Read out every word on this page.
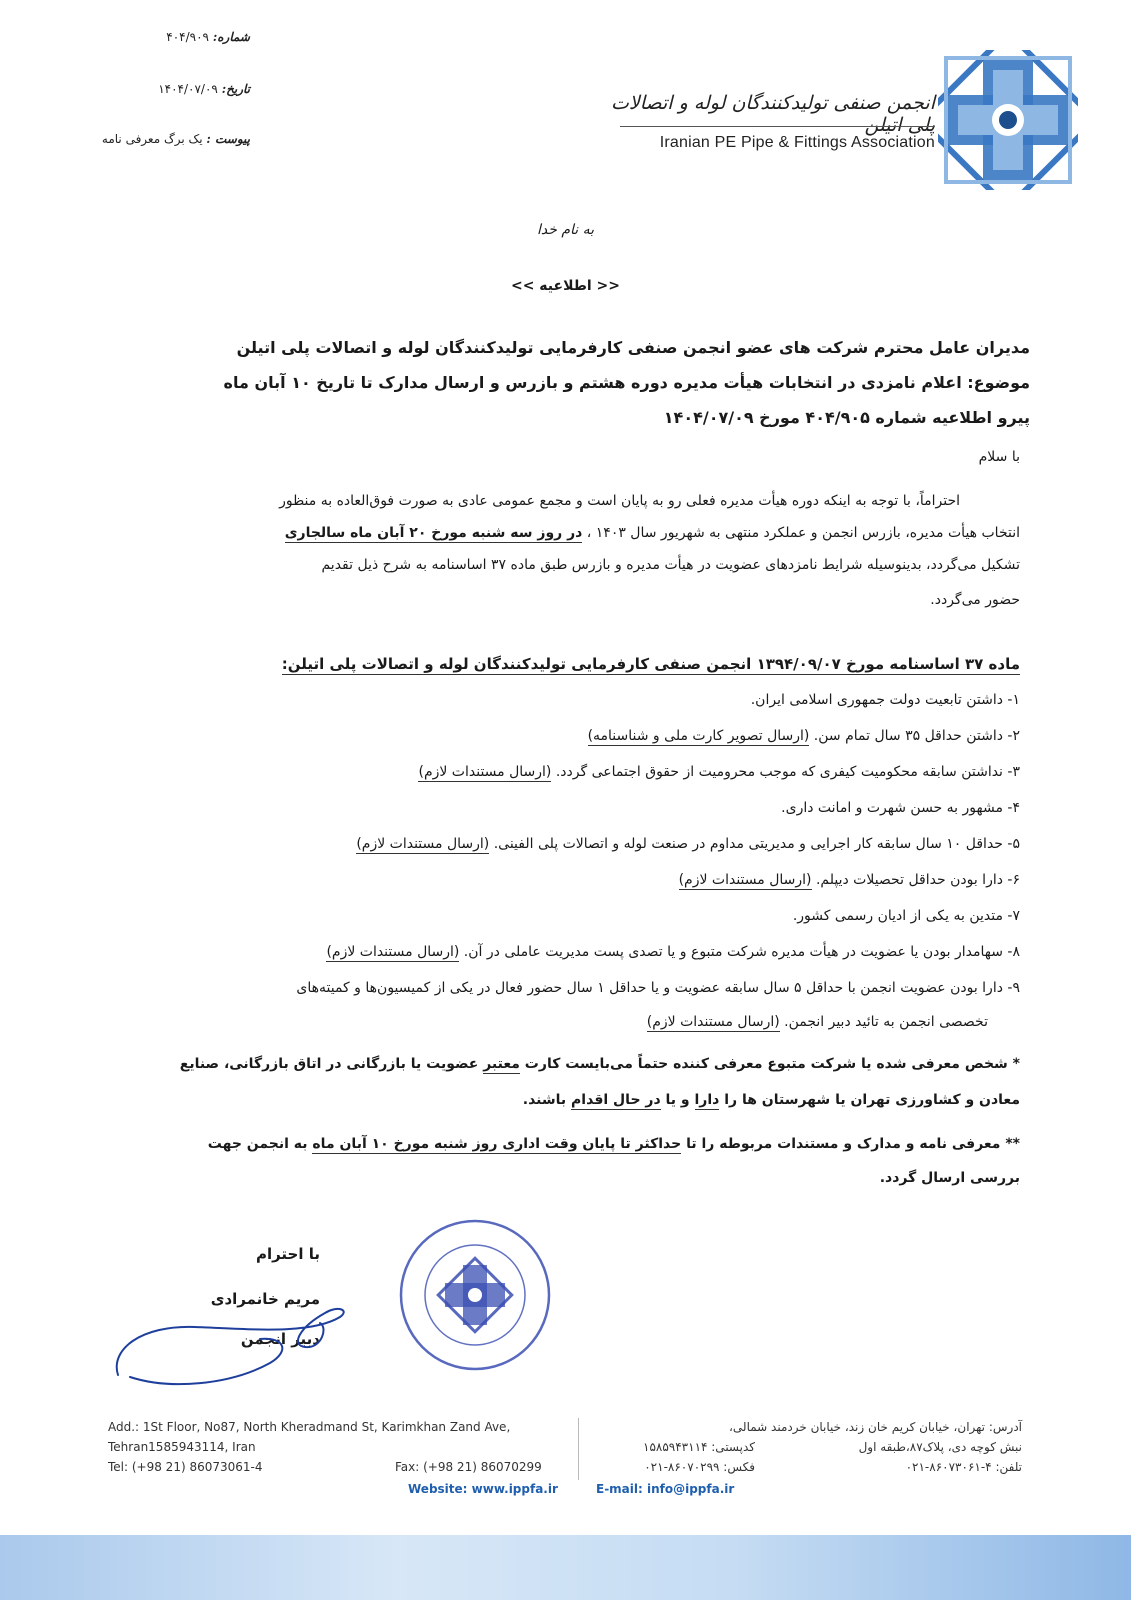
شماره: ۴۰۴/۹۰۹
تاریخ: ۱۴۰۴/۰۷/۰۹
پیوست : یک برگ معرفی نامه
انجمن صنفی تولیدکنندگان لوله و اتصالات پلی اتیلن
Iranian PE Pipe & Fittings Association
به نام خدا
<< اطلاعیه >>
مدیران عامل محترم شرکت های عضو انجمن صنفی کارفرمایی تولیدکنندگان لوله و اتصالات پلی اتیلن
موضوع: اعلام نامزدی در انتخابات هیأت مدیره دوره هشتم و بازرس و ارسال مدارک تا تاریخ ۱۰ آبان ماه
پیرو اطلاعیه شماره ۴۰۴/۹۰۵ مورخ ۱۴۰۴/۰۷/۰۹
با سلام
احتراماً، با توجه به اینکه دوره هیأت مدیره فعلی رو به پایان است و مجمع عمومی عادی به صورت فوق‌العاده به منظور
انتخاب هیأت مدیره، بازرس انجمن و عملکرد منتهی به شهریور سال ۱۴۰۳ ، در روز سه شنبه مورخ ۲۰ آبان ماه سالجاری
تشکیل می‌گردد، بدینوسیله شرایط نامزدهای عضویت در هیأت مدیره و بازرس طبق ماده ۳۷ اساسنامه به شرح ذیل تقدیم
حضور می‌گردد.
ماده ۳۷ اساسنامه مورخ ۱۳۹۴/۰۹/۰۷ انجمن صنفی کارفرمایی تولیدکنندگان لوله و اتصالات پلی اتیلن:
۱- داشتن تابعیت دولت جمهوری اسلامی ایران.
۲- داشتن حداقل ۳۵ سال تمام سن. (ارسال تصویر کارت ملی و شناسنامه)
۳- نداشتن سابقه محکومیت کیفری که موجب محرومیت از حقوق اجتماعی گردد. (ارسال مستندات لازم)
۴- مشهور به حسن شهرت و امانت داری.
۵- حداقل ۱۰ سال سابقه کار اجرایی و مدیریتی مداوم در صنعت لوله و اتصالات پلی الفینی. (ارسال مستندات لازم)
۶- دارا بودن حداقل تحصیلات دیپلم. (ارسال مستندات لازم)
۷- متدین به یکی از ادیان رسمی کشور.
۸- سهامدار بودن یا عضویت در هیأت مدیره شرکت متبوع و یا تصدی پست مدیریت عاملی در آن. (ارسال مستندات لازم)
۹- دارا بودن عضویت انجمن با حداقل ۵ سال سابقه عضویت و یا حداقل ۱ سال حضور فعال در یکی از کمیسیون‌ها و کمیته‌های
تخصصی انجمن به تائید دبیر انجمن. (ارسال مستندات لازم)
* شخص معرفی شده یا شرکت متبوع معرفی کننده حتماً می‌بایست کارت معتبر عضویت یا بازرگانی در اتاق بازرگانی، صنایع
معادن و کشاورزی تهران یا شهرستان ها را دارا و یا در حال اقدام باشند.
** معرفی نامه و مدارک و مستندات مربوطه را تا حداکثر تا پایان وقت اداری روز شنبه مورخ ۱۰ آبان ماه به انجمن جهت
بررسی ارسال گردد.
با احترام
مریم خانمرادی
دبیر انجمن
Add.: 1St Floor, No87, North Kheradmand St, Karimkhan Zand Ave,
Tehran1585943114, Iran
Tel: (+98 21) 86073061-4	Fax: (+98 21) 86070299
Website: www.ippfa.ir
آدرس: تهران، خیابان کریم خان زند، خیابان خردمند شمالی،
نبش کوچه دی، پلاک۸۷،طبقه اول
کدپستی: ۱۵۸۵۹۴۳۱۱۴
تلفن: ۴-۸۶۰۷۳۰۶۱-۰۲۱
فکس: ۸۶۰۷۰۲۹۹-۰۲۱
E-mail: info@ippfa.ir
